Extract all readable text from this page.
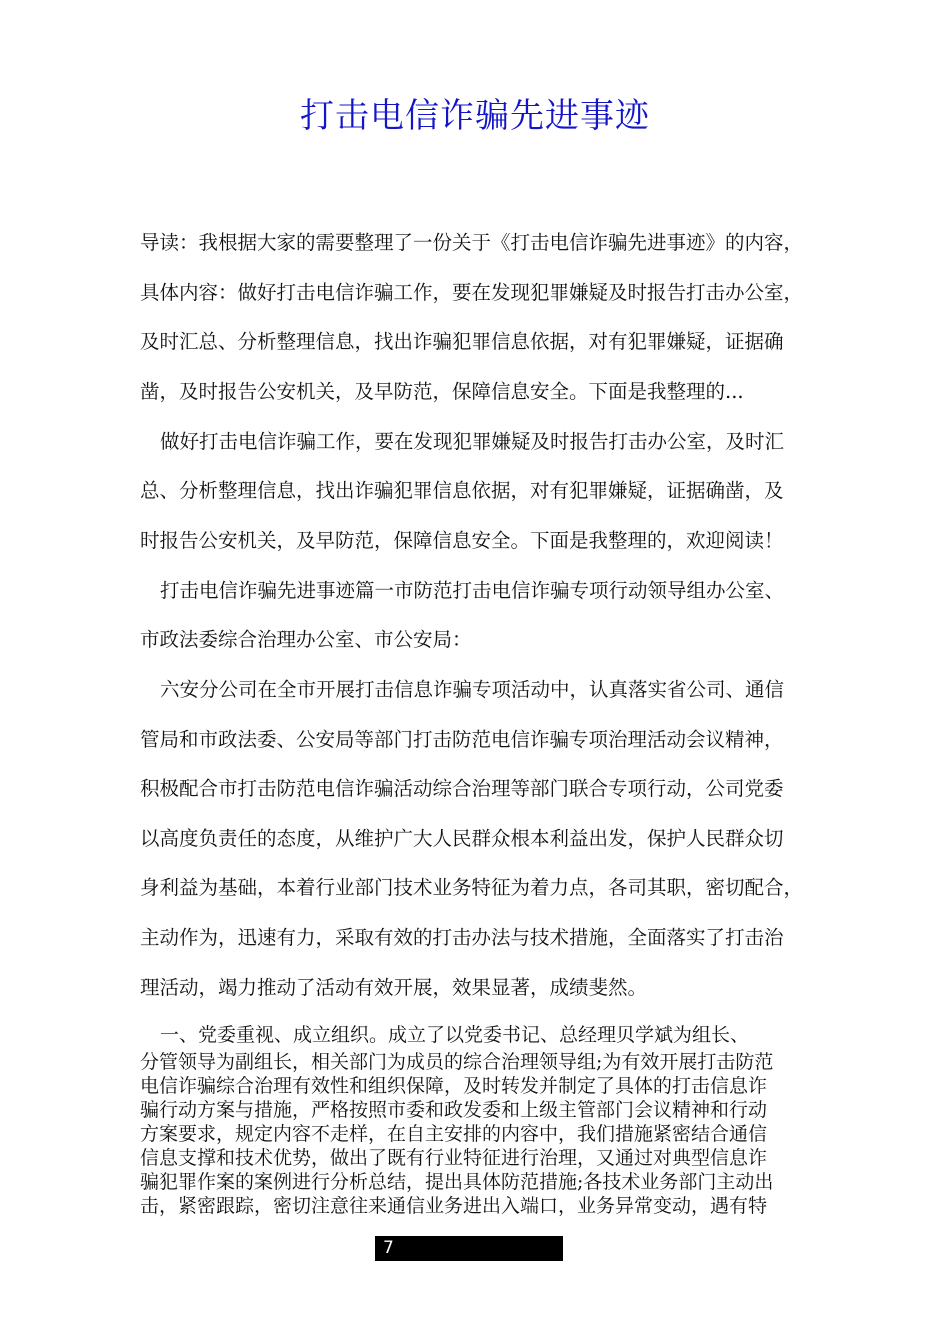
打击电信诈骗先进事迹
导读：我根据大家的需要整理了一份关于《打击电信诈骗先进事迹》的内容，
具体内容：做好打击电信诈骗工作，要在发现犯罪嫌疑及时报告打击办公室，
及时汇总、分析整理信息，找出诈骗犯罪信息依据，对有犯罪嫌疑，证据确
凿，及时报告公安机关，及早防范，保障信息安全。下面是我整理的...
做好打击电信诈骗工作，要在发现犯罪嫌疑及时报告打击办公室，及时汇
总、分析整理信息，找出诈骗犯罪信息依据，对有犯罪嫌疑，证据确凿，及
时报告公安机关，及早防范，保障信息安全。下面是我整理的，欢迎阅读！
打击电信诈骗先进事迹篇一市防范打击电信诈骗专项行动领导组办公室、
市政法委综合治理办公室、市公安局：
六安分公司在全市开展打击信息诈骗专项活动中，认真落实省公司、通信
管局和市政法委、公安局等部门打击防范电信诈骗专项治理活动会议精神，
积极配合市打击防范电信诈骗活动综合治理等部门联合专项行动，公司党委
以高度负责任的态度，从维护广大人民群众根本利益出发，保护人民群众切
身利益为基础，本着行业部门技术业务特征为着力点，各司其职，密切配合，
主动作为，迅速有力，采取有效的打击办法与技术措施，全面落实了打击治
理活动，竭力推动了活动有效开展，效果显著，成绩斐然。
一、党委重视、成立组织。成立了以党委书记、总经理贝学斌为组长、
分管领导为副组长，相关部门为成员的综合治理领导组;为有效开展打击防范
电信诈骗综合治理有效性和组织保障，及时转发并制定了具体的打击信息诈
骗行动方案与措施，严格按照市委和政发委和上级主管部门会议精神和行动
方案要求，规定内容不走样，在自主安排的内容中，我们措施紧密结合通信
信息支撑和技术优势，做出了既有行业特征进行治理，又通过对典型信息诈
骗犯罪作案的案例进行分析总结，提出具体防范措施;各技术业务部门主动出
击，紧密跟踪，密切注意往来通信业务进出入端口，业务异常变动，遇有特
7
